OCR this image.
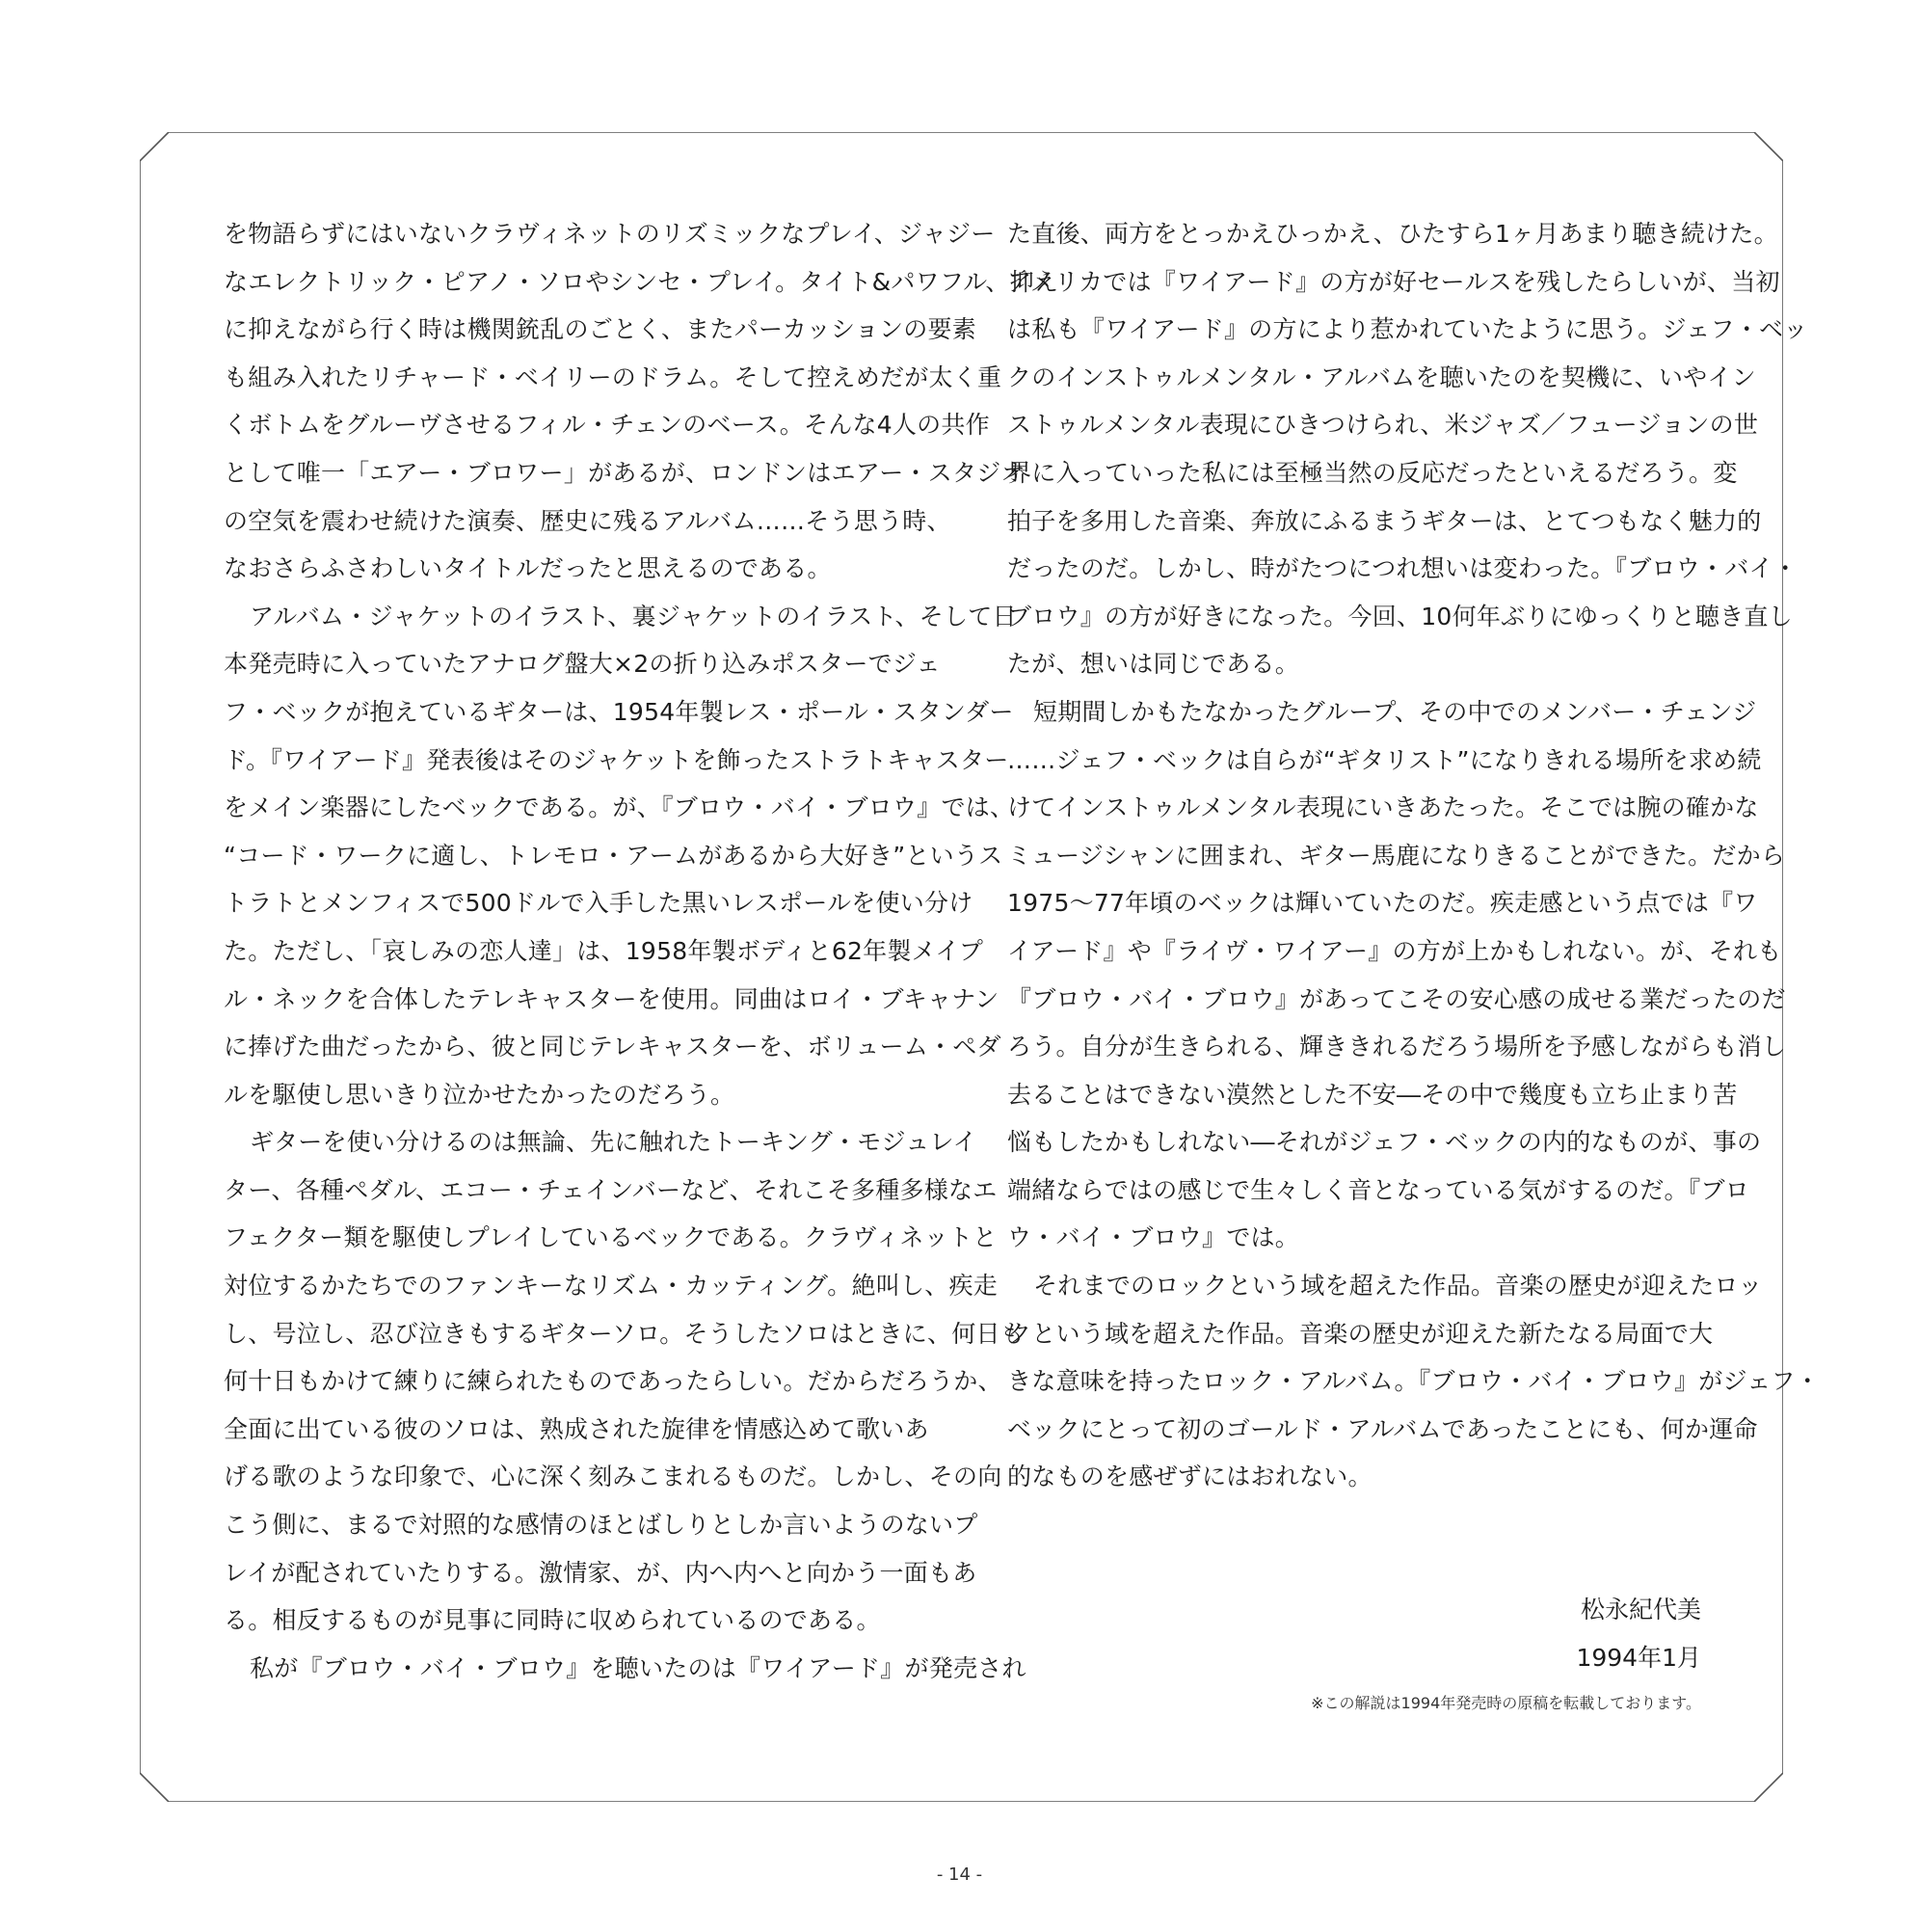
を物語らずにはいないクラヴィネットのリズミックなプレイ、ジャジー
なエレクトリック・ピアノ・ソロやシンセ・プレイ。タイト&パワフル、抑え
に抑えながら行く時は機関銃乱のごとく、またパーカッションの要素
も組み入れたリチャード・ベイリーのドラム。そして控えめだが太く重
くボトムをグルーヴさせるフィル・チェンのベース。そんな4人の共作
として唯一「エアー・ブロワー」があるが、ロンドンはエアー・スタジオ
の空気を震わせ続けた演奏、歴史に残るアルバム……そう思う時、
なおさらふさわしいタイトルだったと思えるのである。

アルバム・ジャケットのイラスト、裏ジャケットのイラスト、そして日
本発売時に入っていたアナログ盤大×2の折り込みポスターでジェ
フ・ベックが抱えているギターは、1954年製レス・ポール・スタンダー
ド。『ワイアード』発表後はそのジャケットを飾ったストラトキャスター
をメイン楽器にしたベックである。が、『ブロウ・バイ・ブロウ』では、
“コード・ワークに適し、トレモロ・アームがあるから大好き”というス
トラトとメンフィスで500ドルで入手した黒いレスポールを使い分け
た。ただし、「哀しみの恋人達」は、1958年製ボディと62年製メイプ
ル・ネックを合体したテレキャスターを使用。同曲はロイ・ブキャナン
に捧げた曲だったから、彼と同じテレキャスターを、ボリューム・ペダ
ルを駆使し思いきり泣かせたかったのだろう。

ギターを使い分けるのは無論、先に触れたトーキング・モジュレイ
ター、各種ペダル、エコー・チェインバーなど、それこそ多種多様なエ
フェクター類を駆使しプレイしているベックである。クラヴィネットと
対位するかたちでのファンキーなリズム・カッティング。絶叫し、疾走
し、号泣し、忍び泣きもするギターソロ。そうしたソロはときに、何日も
何十日もかけて練りに練られたものであったらしい。だからだろうか、
全面に出ている彼のソロは、熟成された旋律を情感込めて歌いあ
げる歌のような印象で、心に深く刻みこまれるものだ。しかし、その向
こう側に、まるで対照的な感情のほとばしりとしか言いようのないプ
レイが配されていたりする。激情家、が、内へ内へと向かう一面もあ
る。相反するものが見事に同時に収められているのである。

私が『ブロウ・バイ・ブロウ』を聴いたのは『ワイアード』が発売され

た直後、両方をとっかえひっかえ、ひたすら1ヶ月あまり聴き続けた。
アメリカでは『ワイアード』の方が好セールスを残したらしいが、当初
は私も『ワイアード』の方により惹かれていたように思う。ジェフ・ベッ
クのインストゥルメンタル・アルバムを聴いたのを契機に、いやイン
ストゥルメンタル表現にひきつけられ、米ジャズ／フュージョンの世
界に入っていった私には至極当然の反応だったといえるだろう。変
拍子を多用した音楽、奔放にふるまうギターは、とてつもなく魅力的
だったのだ。しかし、時がたつにつれ想いは変わった。『ブロウ・バイ・
ブロウ』の方が好きになった。今回、10何年ぶりにゆっくりと聴き直し
たが、想いは同じである。

短期間しかもたなかったグループ、その中でのメンバー・チェンジ
……ジェフ・ベックは自らが“ギタリスト”になりきれる場所を求め続
けてインストゥルメンタル表現にいきあたった。そこでは腕の確かな
ミュージシャンに囲まれ、ギター馬鹿になりきることができた。だから
1975〜77年頃のベックは輝いていたのだ。疾走感という点では『ワ
イアード』や『ライヴ・ワイアー』の方が上かもしれない。が、それも
『ブロウ・バイ・ブロウ』があってこその安心感の成せる業だったのだ
ろう。自分が生きられる、輝ききれるだろう場所を予感しながらも消し
去ることはできない漠然とした不安―その中で幾度も立ち止まり苦
悩もしたかもしれない―それがジェフ・ベックの内的なものが、事の
端緒ならではの感じで生々しく音となっている気がするのだ。『ブロ
ウ・バイ・ブロウ』では。

それまでのロックという域を超えた作品。音楽の歴史が迎えたロッ
クという域を超えた作品。音楽の歴史が迎えた新たなる局面で大
きな意味を持ったロック・アルバム。『ブロウ・バイ・ブロウ』がジェフ・
ベックにとって初のゴールド・アルバムであったことにも、何か運命
的なものを感ぜずにはおれない。

松永紀代美
1994年1月
※この解説は1994年発売時の原稿を転載しております。
- 14 -
